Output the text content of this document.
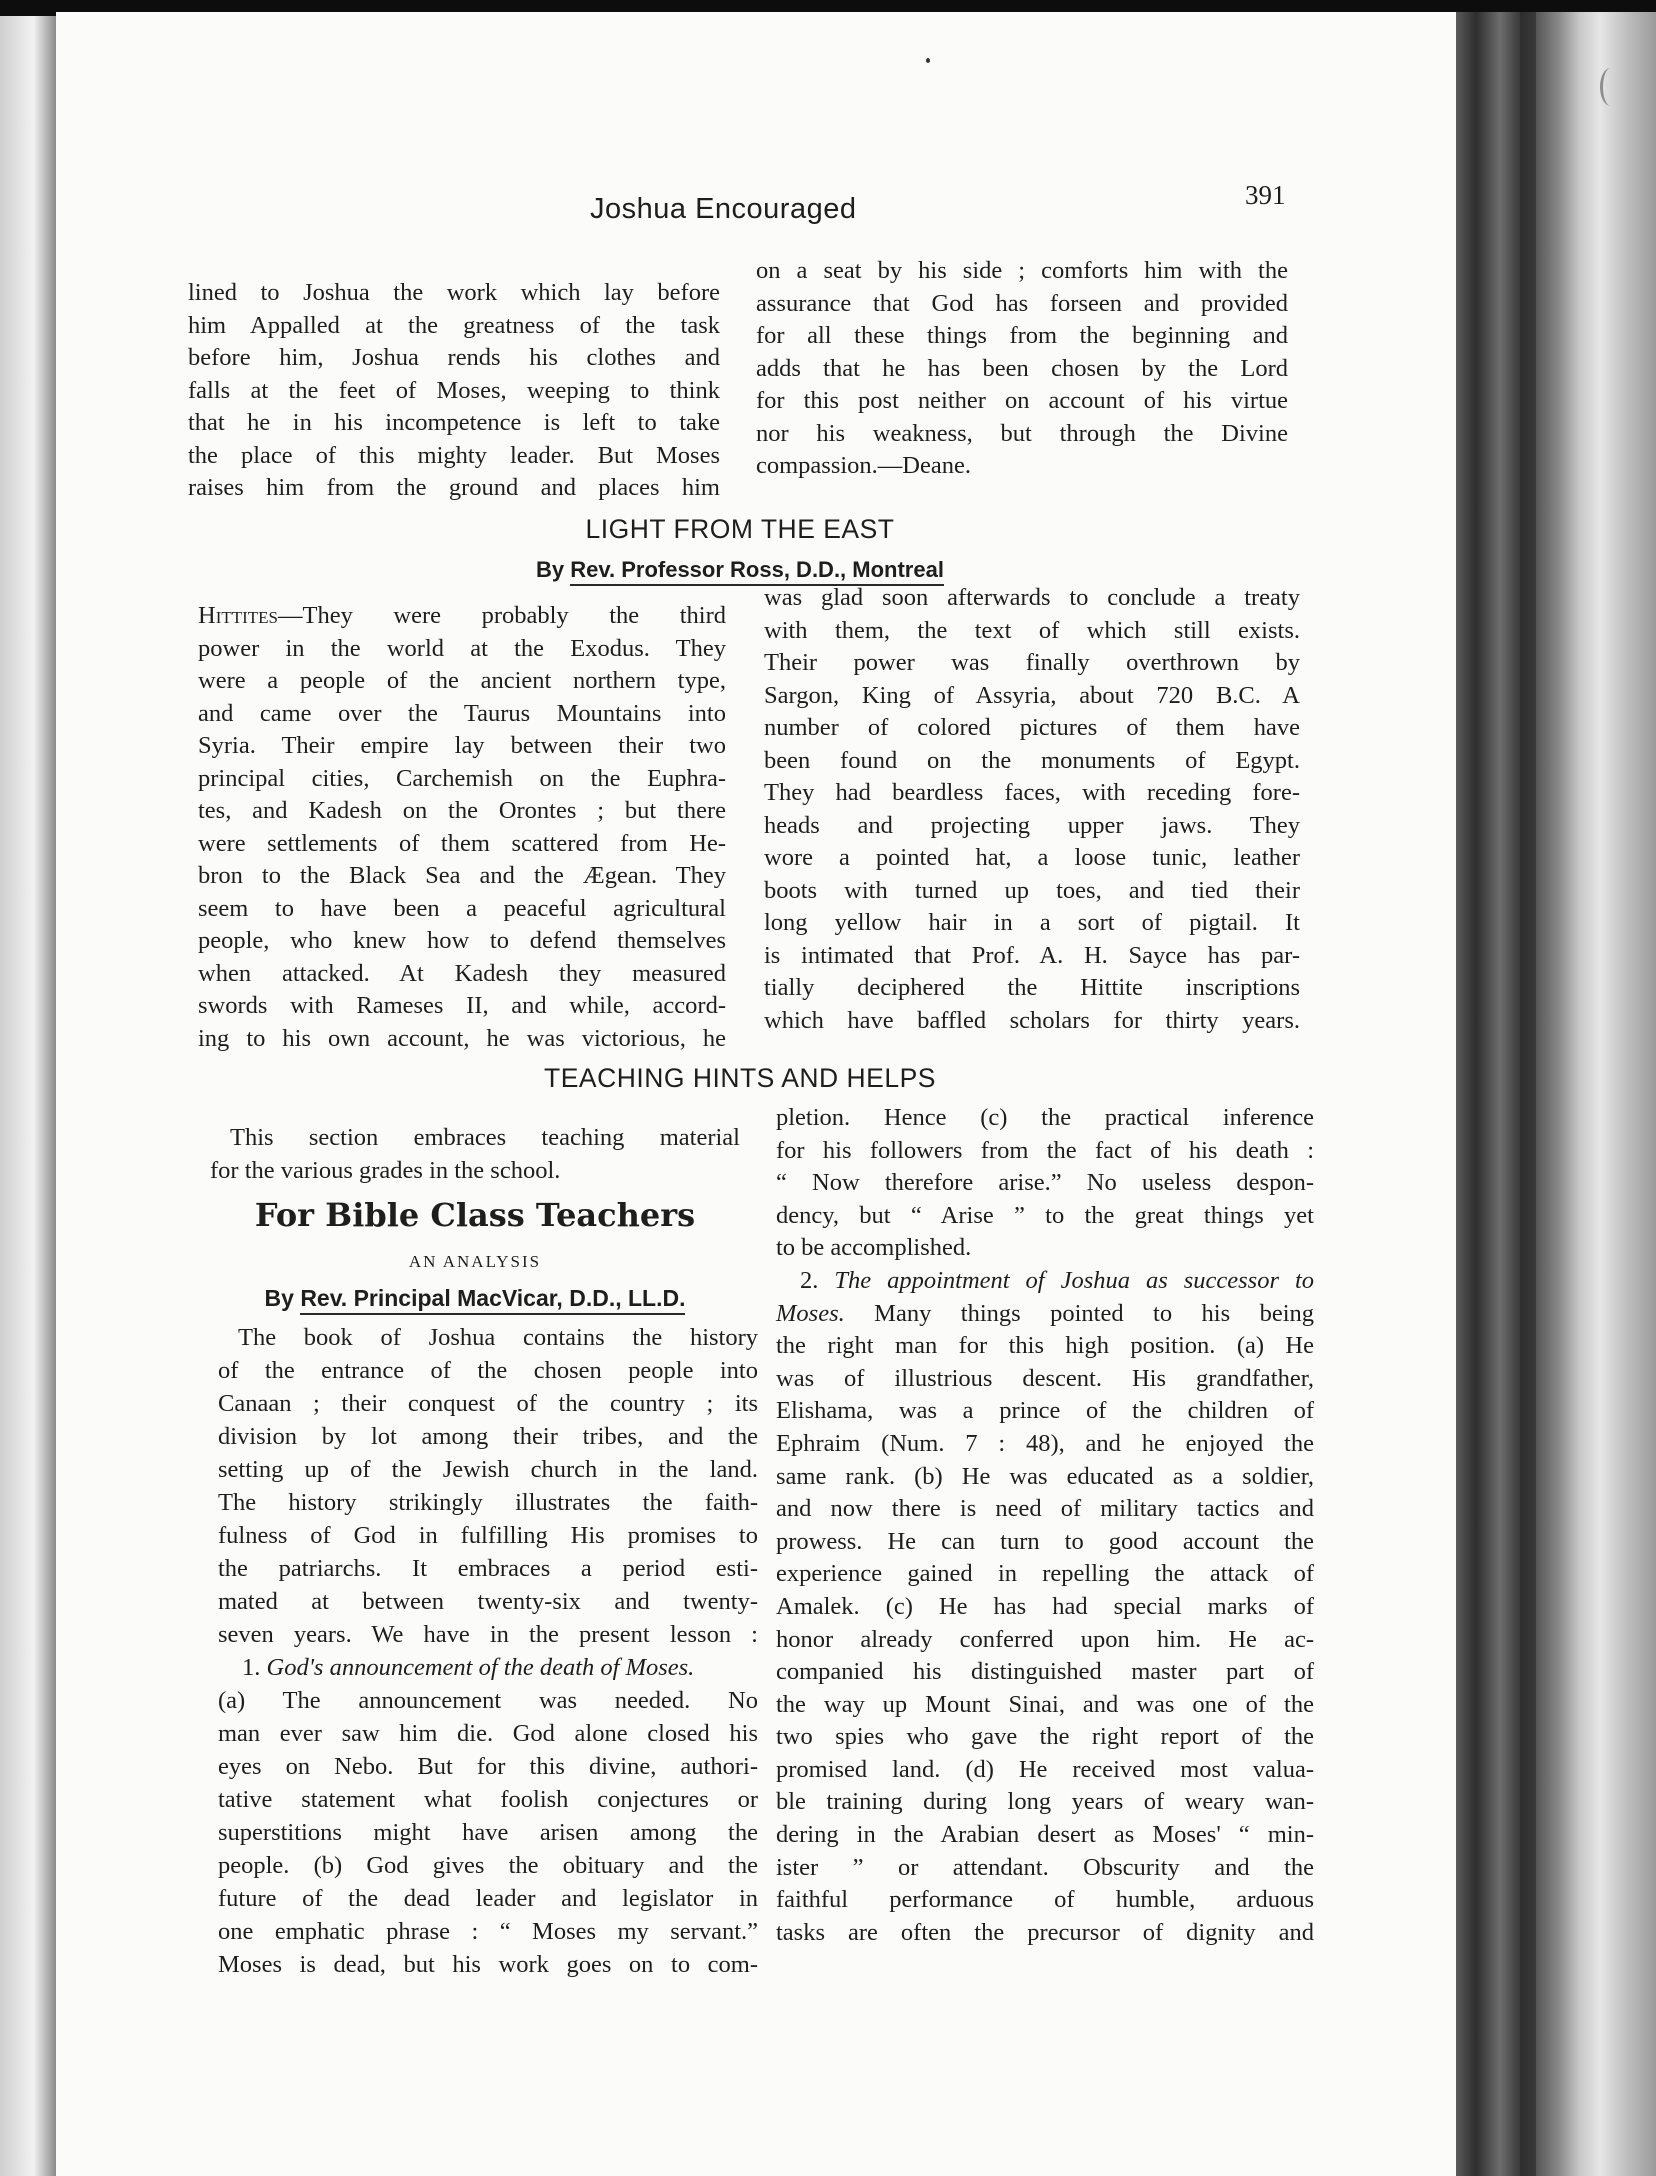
Joshua Encouraged	391
lined to Joshua the work which lay before
him Appalled at the greatness of the task
before him, Joshua rends his clothes and
falls at the feet of Moses, weeping to think
that he in his incompetence is left to take
the place of this mighty leader. But Moses
raises him from the ground and places him
on a seat by his side ; comforts him with the
assurance that God has forseen and provided
for all these things from the beginning and
adds that he has been chosen by the Lord
for this post neither on account of his virtue
nor his weakness, but through the Divine
compassion.—Deane.
LIGHT FROM THE EAST
By Rev. Professor Ross, D.D., Montreal
Hittites—They were probably the third
power in the world at the Exodus. They
were a people of the ancient northern type,
and came over the Taurus Mountains into
Syria. Their empire lay between their two
principal cities, Carchemish on the Euphra-
tes, and Kadesh on the Orontes ; but there
were settlements of them scattered from He-
bron to the Black Sea and the Ægean. They
seem to have been a peaceful agricultural
people, who knew how to defend themselves
when attacked. At Kadesh they measured
swords with Rameses II, and while, accord-
ing to his own account, he was victorious, he
was glad soon afterwards to conclude a treaty
with them, the text of which still exists.
Their power was finally overthrown by
Sargon, King of Assyria, about 720 B.C. A
number of colored pictures of them have
been found on the monuments of Egypt.
They had beardless faces, with receding fore-
heads and projecting upper jaws. They
wore a pointed hat, a loose tunic, leather
boots with turned up toes, and tied their
long yellow hair in a sort of pigtail. It
is intimated that Prof. A. H. Sayce has par-
tially deciphered the Hittite inscriptions
which have baffled scholars for thirty years.
TEACHING HINTS AND HELPS
This section embraces teaching material
for the various grades in the school.
For Bible Class Teachers
AN ANALYSIS
By Rev. Principal MacVicar, D.D., LL.D.
The book of Joshua contains the history
of the entrance of the chosen people into
Canaan ; their conquest of the country ; its
division by lot among their tribes, and the
setting up of the Jewish church in the land.
The history strikingly illustrates the faith-
fulness of God in fulfilling His promises to
the patriarchs. It embraces a period esti-
mated at between twenty-six and twenty-
seven years. We have in the present lesson :
1. God's announcement of the death of Moses.
(a) The announcement was needed. No
man ever saw him die. God alone closed his
eyes on Nebo. But for this divine, authori-
tative statement what foolish conjectures or
superstitions might have arisen among the
people. (b) God gives the obituary and the
future of the dead leader and legislator in
one emphatic phrase : “ Moses my servant.”
Moses is dead, but his work goes on to com-
pletion. Hence (c) the practical inference
for his followers from the fact of his death :
“ Now therefore arise.” No useless despon-
dency, but “ Arise ” to the great things yet
to be accomplished.
2. The appointment of Joshua as successor to
Moses. Many things pointed to his being
the right man for this high position. (a) He
was of illustrious descent. His grandfather,
Elishama, was a prince of the children of
Ephraim (Num. 7 : 48), and he enjoyed the
same rank. (b) He was educated as a soldier,
and now there is need of military tactics and
prowess. He can turn to good account the
experience gained in repelling the attack of
Amalek. (c) He has had special marks of
honor already conferred upon him. He ac-
companied his distinguished master part of
the way up Mount Sinai, and was one of the
two spies who gave the right report of the
promised land. (d) He received most valua-
ble training during long years of weary wan-
dering in the Arabian desert as Moses' “ min-
ister ” or attendant. Obscurity and the
faithful performance of humble, arduous
tasks are often the precursor of dignity and
